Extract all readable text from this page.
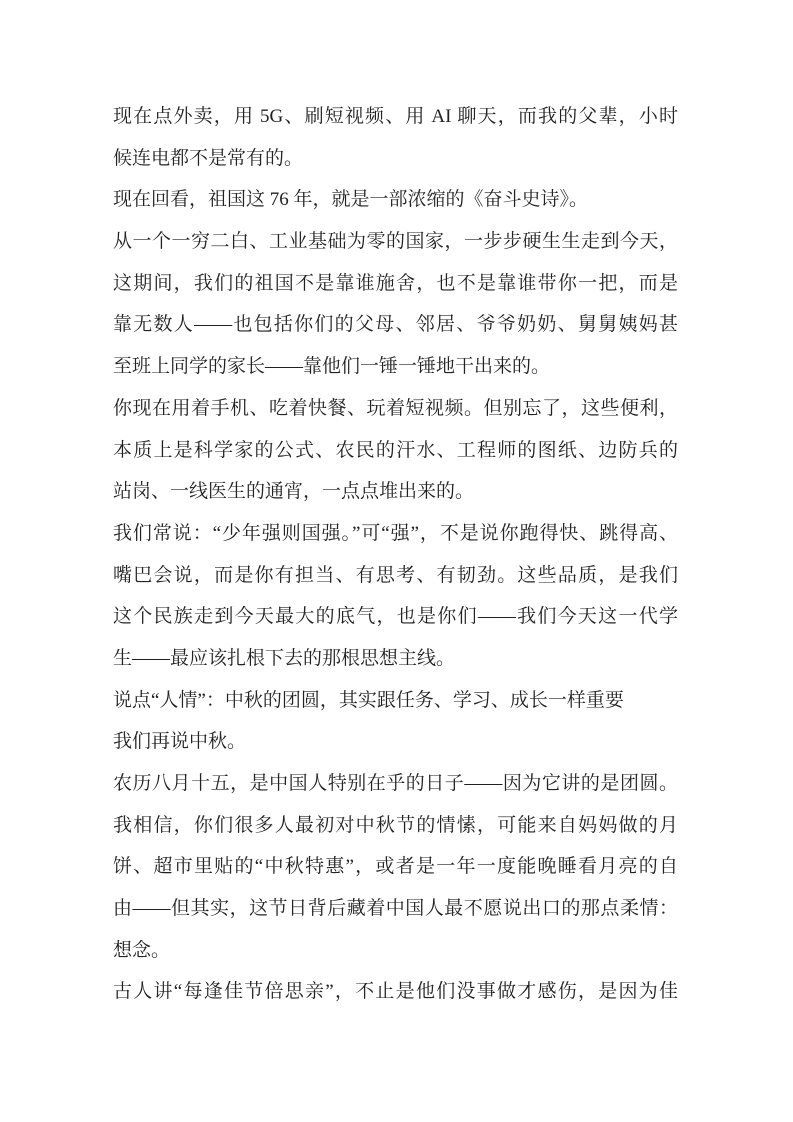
现在点外卖，用 5G、刷短视频、用 AI 聊天，而我的父辈，小时
候连电都不是常有的。
现在回看，祖国这 76 年，就是一部浓缩的《奋斗史诗》。
从一个一穷二白、工业基础为零的国家，一步步硬生生走到今天，
这期间，我们的祖国不是靠谁施舍，也不是靠谁带你一把，而是
靠无数人——也包括你们的父母、邻居、爷爷奶奶、舅舅姨妈甚
至班上同学的家长——靠他们一锤一锤地干出来的。
你现在用着手机、吃着快餐、玩着短视频。但别忘了，这些便利，
本质上是科学家的公式、农民的汗水、工程师的图纸、边防兵的
站岗、一线医生的通宵，一点点堆出来的。
我们常说：“少年强则国强。”可“强”，不是说你跑得快、跳得高、
嘴巴会说，而是你有担当、有思考、有韧劲。这些品质，是我们
这个民族走到今天最大的底气，也是你们——我们今天这一代学
生——最应该扎根下去的那根思想主线。
说点“人情”：中秋的团圆，其实跟任务、学习、成长一样重要
我们再说中秋。
农历八月十五，是中国人特别在乎的日子——因为它讲的是团圆。
我相信，你们很多人最初对中秋节的情愫，可能来自妈妈做的月
饼、超市里贴的“中秋特惠”，或者是一年一度能晚睡看月亮的自
由——但其实，这节日背后藏着中国人最不愿说出口的那点柔情：
想念。
古人讲“每逢佳节倍思亲”，不止是他们没事做才感伤，是因为佳
